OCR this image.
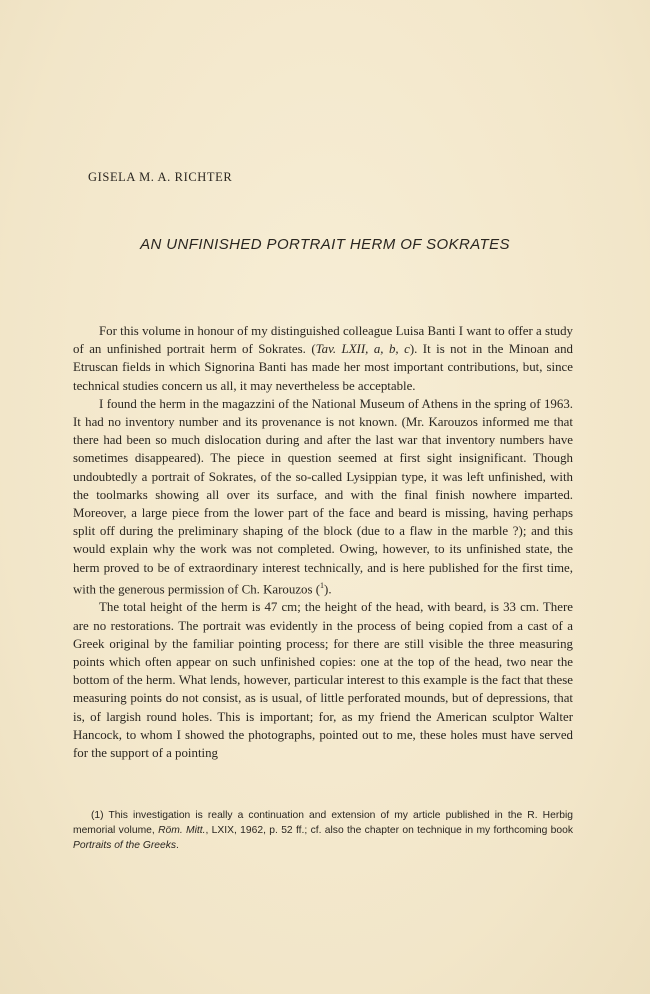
GISELA M. A. RICHTER
AN UNFINISHED PORTRAIT HERM OF SOKRATES

For this volume in honour of my distinguished colleague Luisa Banti I want to offer a study of an unfinished portrait herm of Sokrates. (Tav. LXII, a, b, c). It is not in the Minoan and Etruscan fields in which Signorina Banti has made her most important contributions, but, since technical studies concern us all, it may nevertheless be acceptable.

I found the herm in the magazzini of the National Museum of Athens in the spring of 1963. It had no inventory number and its provenance is not known. (Mr. Karouzos informed me that there had been so much dislocation during and after the last war that inventory numbers have sometimes disappeared). The piece in question seemed at first sight insignificant. Though undoubtedly a portrait of Sokrates, of the so-called Lysippian type, it was left unfinished, with the toolmarks showing all over its surface, and with the final finish nowhere imparted. Moreover, a large piece from the lower part of the face and beard is missing, having perhaps split off during the preliminary shaping of the block (due to a flaw in the marble ?); and this would explain why the work was not completed. Owing, however, to its unfinished state, the herm proved to be of extraordinary interest technically, and is here published for the first time, with the generous permission of Ch. Karouzos ($^1$).

The total height of the herm is 47 cm; the height of the head, with beard, is 33 cm. There are no restorations. The portrait was evidently in the process of being copied from a cast of a Greek original by the familiar pointing process; for there are still visible the three measuring points which often appear on such unfinished copies: one at the top of the head, two near the bottom of the herm. What lends, however, particular interest to this example is the fact that these measuring points do not consist, as is usual, of little perforated mounds, but of depressions, that is, of largish round holes. This is important; for, as my friend the American sculptor Walter Hancock, to whom I showed the photographs, pointed out to me, these holes must have served for the support of a pointing

(1) This investigation is really a continuation and extension of my article published in the R. Herbig memorial volume, Röm. Mitt., LXIX, 1962, p. 52 ff.; cf. also the chapter on technique in my forthcoming book Portraits of the Greeks.
